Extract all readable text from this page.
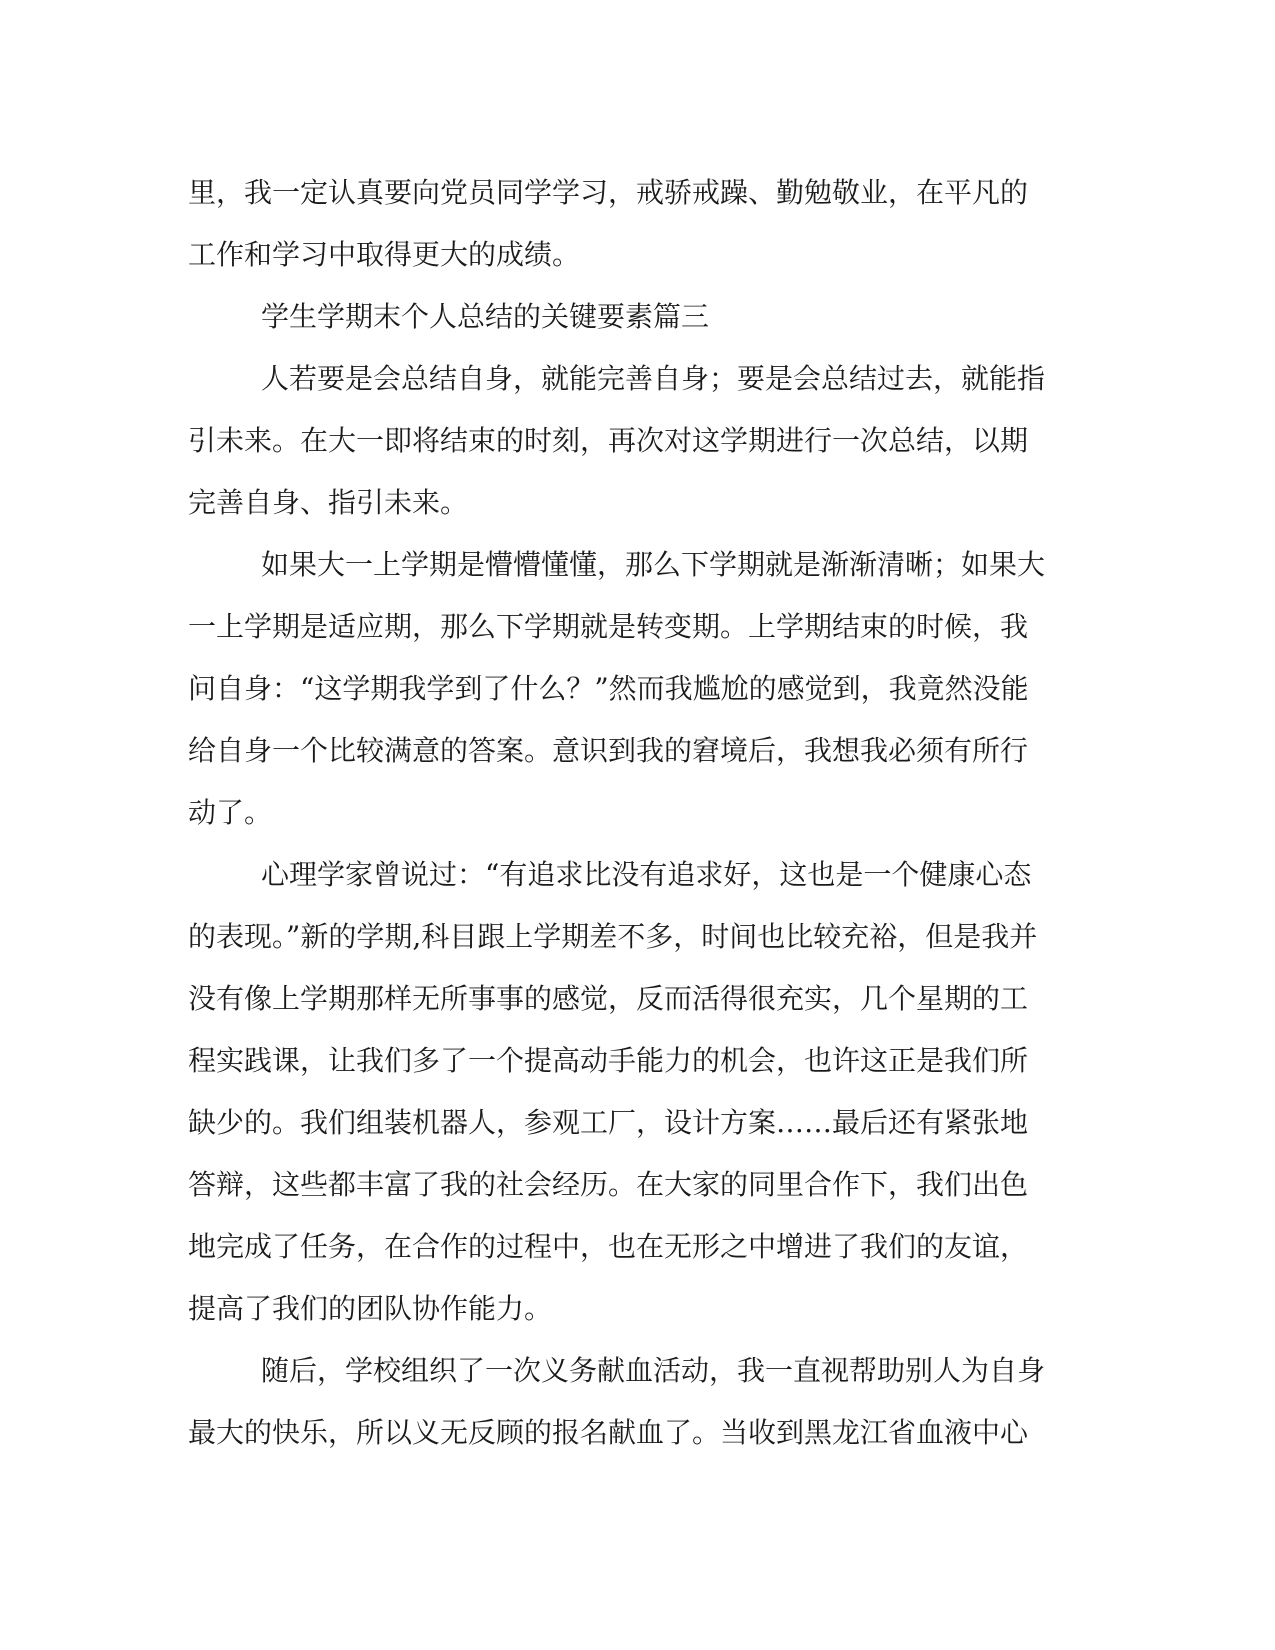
里，我一定认真要向党员同学学习，戒骄戒躁、勤勉敬业，在平凡的
工作和学习中取得更大的成绩。
学生学期末个人总结的关键要素篇三
人若要是会总结自身，就能完善自身；要是会总结过去，就能指
引未来。在大一即将结束的时刻，再次对这学期进行一次总结，以期
完善自身、指引未来。
如果大一上学期是懵懵懂懂，那么下学期就是渐渐清晰；如果大
一上学期是适应期，那么下学期就是转变期。上学期结束的时候，我
问自身：“这学期我学到了什么？”然而我尴尬的感觉到，我竟然没能
给自身一个比较满意的答案。意识到我的窘境后，我想我必须有所行
动了。
心理学家曾说过：“有追求比没有追求好，这也是一个健康心态
的表现。”新的学期,科目跟上学期差不多，时间也比较充裕，但是我并
没有像上学期那样无所事事的感觉，反而活得很充实，几个星期的工
程实践课，让我们多了一个提高动手能力的机会，也许这正是我们所
缺少的。我们组装机器人，参观工厂，设计方案……最后还有紧张地
答辩，这些都丰富了我的社会经历。在大家的同里合作下，我们出色
地完成了任务，在合作的过程中，也在无形之中增进了我们的友谊，
提高了我们的团队协作能力。
随后，学校组织了一次义务献血活动，我一直视帮助别人为自身
最大的快乐，所以义无反顾的报名献血了。当收到黑龙江省血液中心
